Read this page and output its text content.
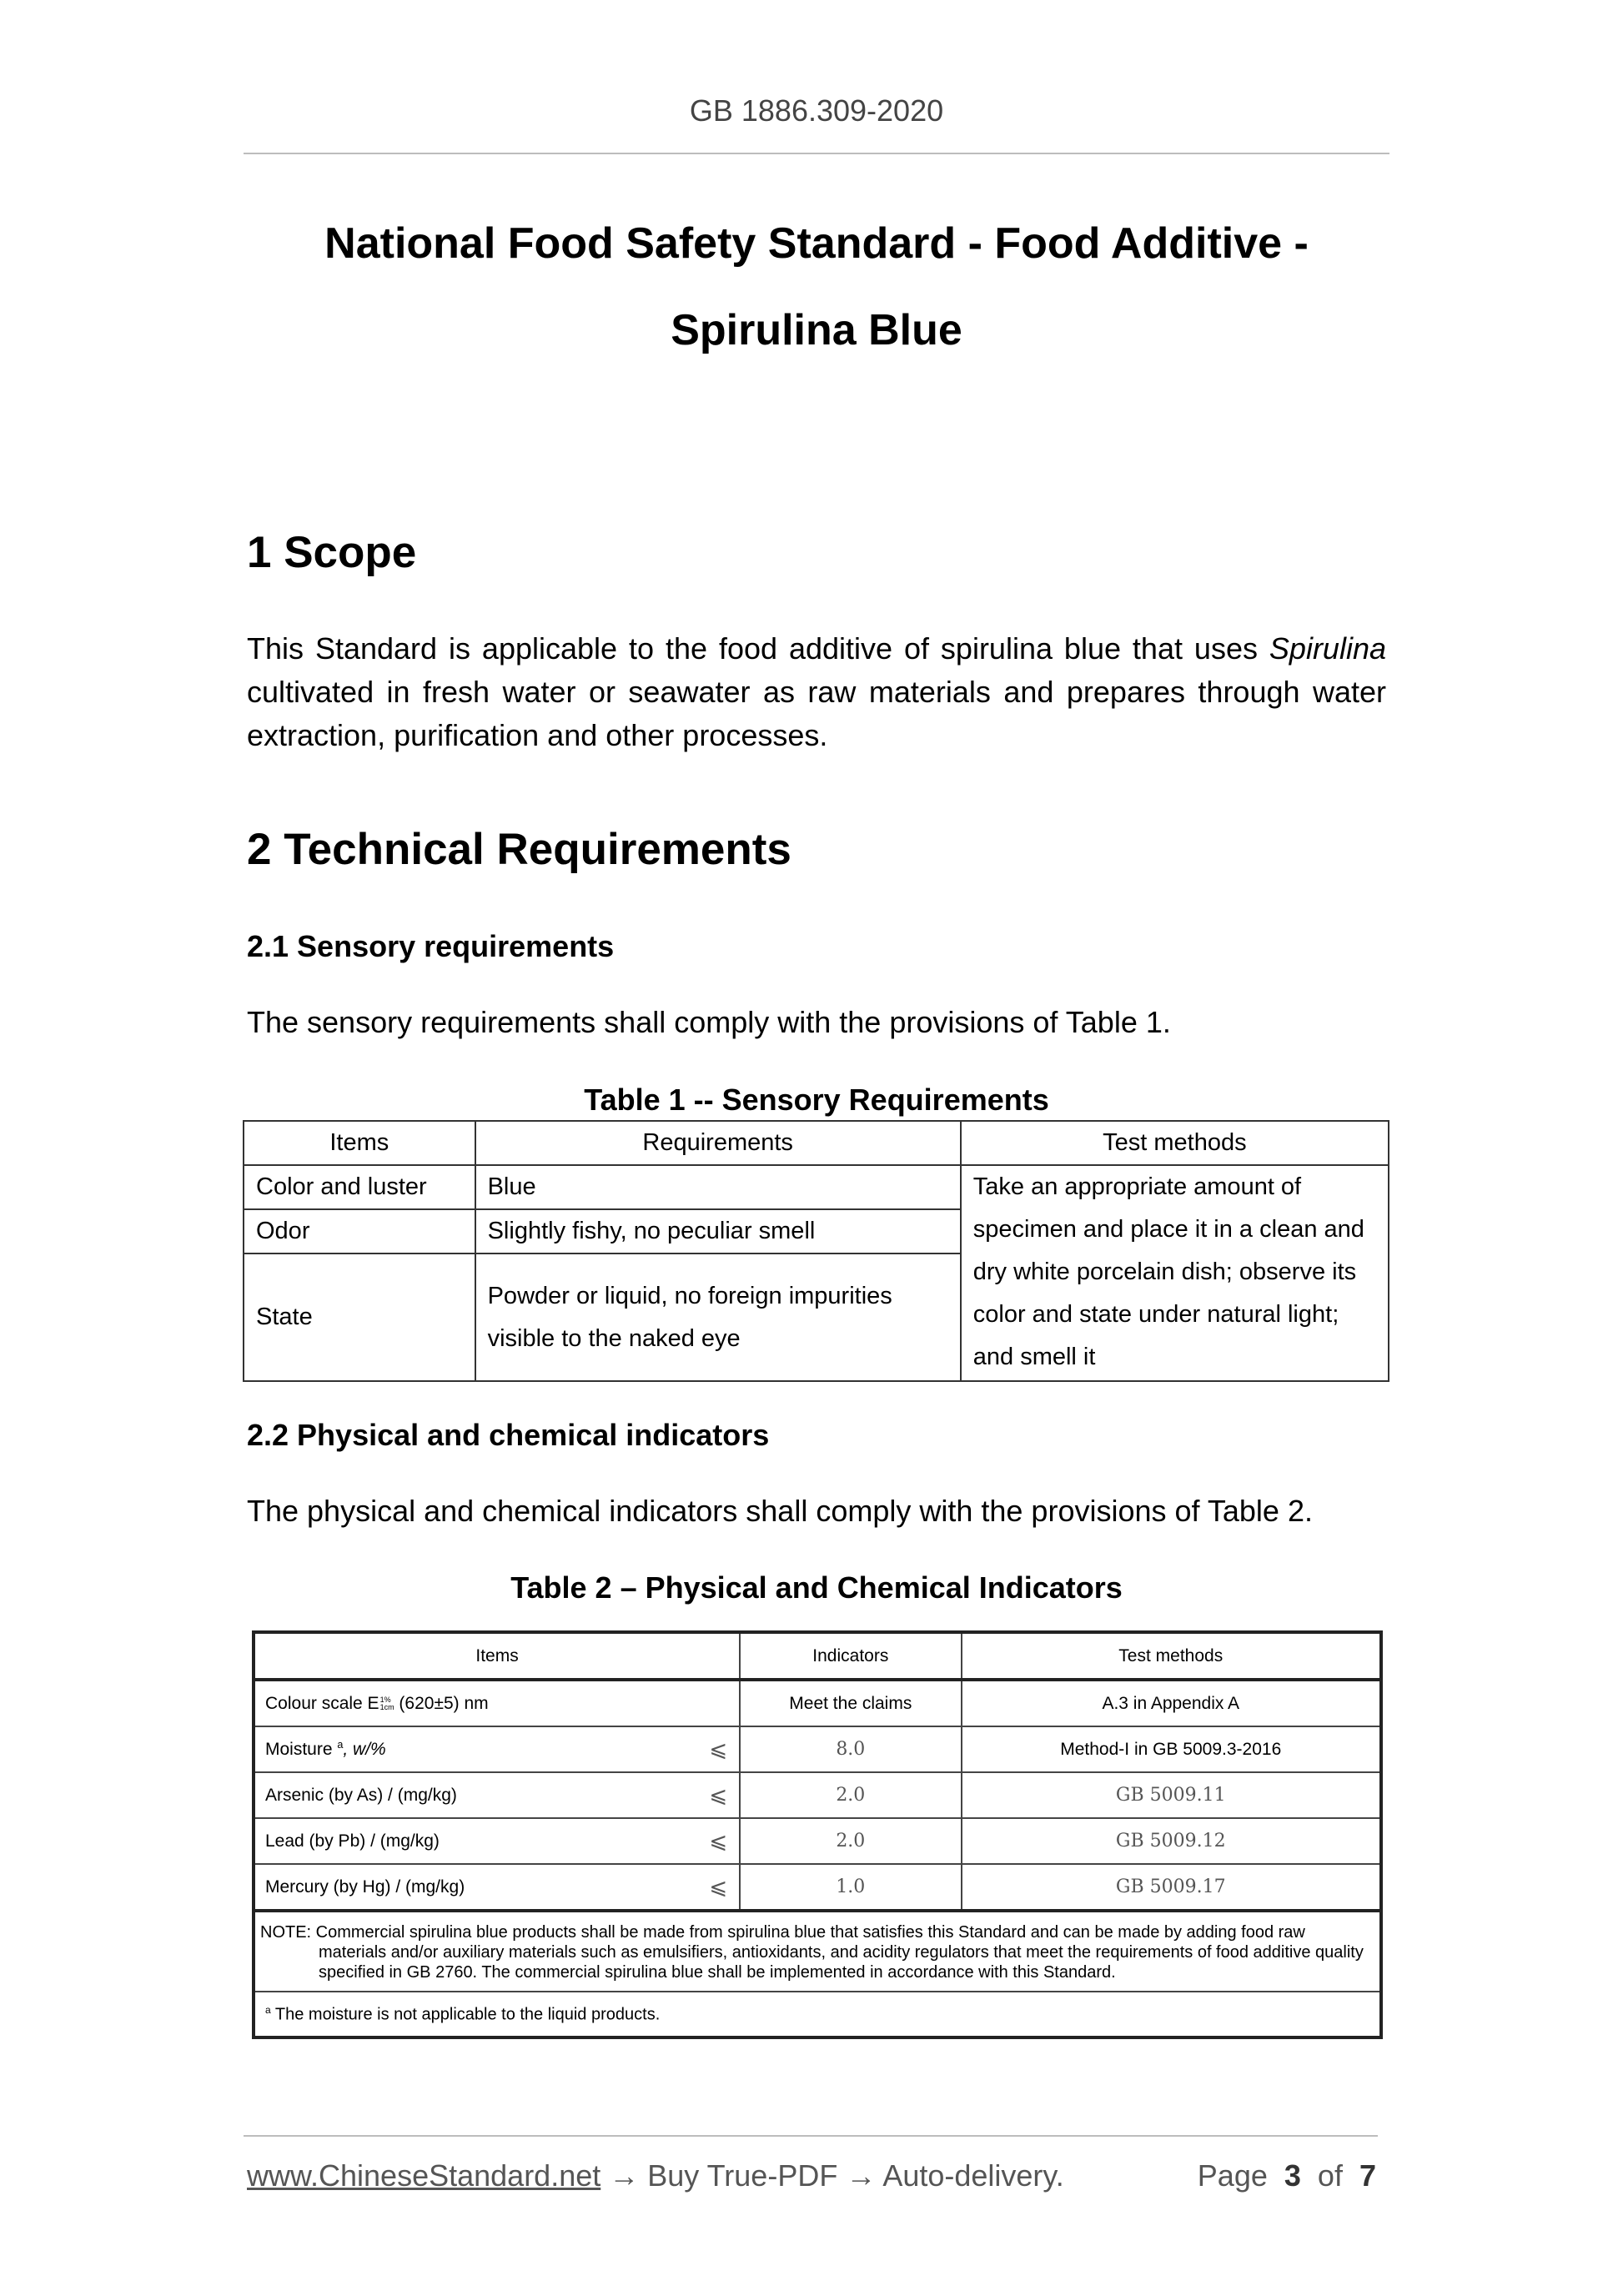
GB 1886.309-2020
National Food Safety Standard - Food Additive -
Spirulina Blue
1 Scope
This Standard is applicable to the food additive of spirulina blue that uses Spirulina cultivated in fresh water or seawater as raw materials and prepares through water extraction, purification and other processes.
2 Technical Requirements
2.1 Sensory requirements
The sensory requirements shall comply with the provisions of Table 1.
Table 1 -- Sensory Requirements
Items	Requirements	Test methods
Color and luster	Blue	Take an appropriate amount of
specimen and place it in a clean and
dry white porcelain dish; observe its
color and state under natural light;
and smell it

Odor	Slightly fishy, no peculiar smell	
State	Powder or liquid, no foreign impurities
visible to the naked eye	
2.2 Physical and chemical indicators
The physical and chemical indicators shall comply with the provisions of Table 2.
Table 2 – Physical and Chemical Indicators
Items	Indicators	Test methods
Colour scale E 1%
1cm (620±5) nm	Meet the claims	A.3 in Appendix A
Moisture $^a$, w/% ⩽	8.0	Method-I in GB 5009.3-2016
Arsenic (by As) / (mg/kg) ⩽	2.0	GB 5009.11
Lead (by Pb) / (mg/kg) ⩽	2.0	GB 5009.12
Mercury (by Hg) / (mg/kg) ⩽	1.0	GB 5009.17
NOTE: Commercial spirulina blue products shall be made from spirulina blue that satisfies this Standard and can be made by adding food raw
materials and/or auxiliary materials such as emulsifiers, antioxidants, and acidity regulators that meet the requirements of food additive quality specified in GB 2760. The commercial spirulina blue shall be implemented in accordance with this Standard.		

$^a$ The moisture is not applicable to the liquid products.		
www.ChineseStandard.net → Buy True-PDF → Auto-delivery.	Page 3 of 7
